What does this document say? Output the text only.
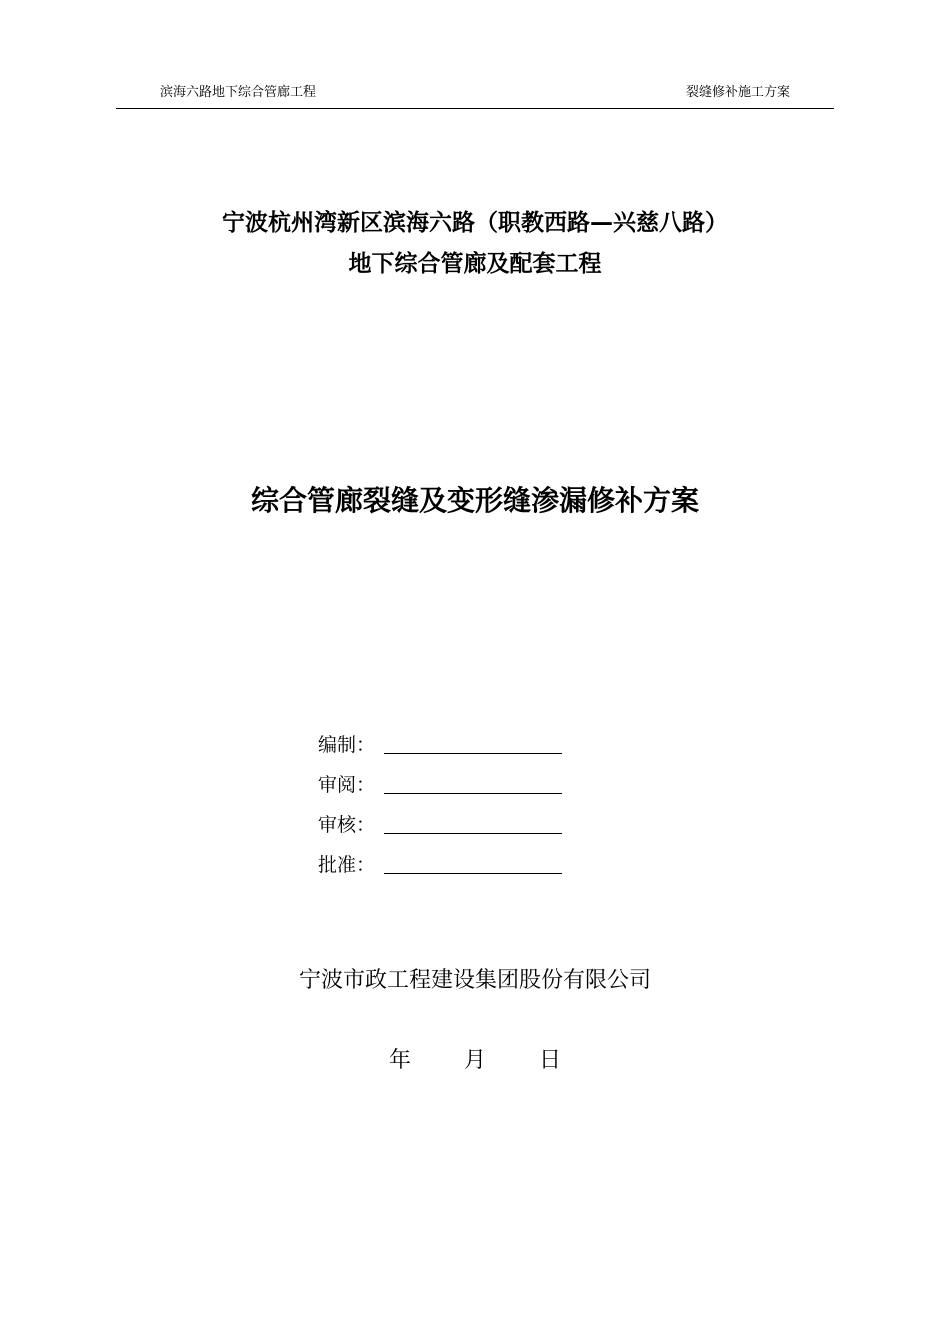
滨海六路地下综合管廊工程	裂缝修补施工方案
宁波杭州湾新区滨海六路（职教西路—兴慈八路）
地下综合管廊及配套工程
综合管廊裂缝及变形缝渗漏修补方案
编制：
审阅：
审核：
批准：
宁波市政工程建设集团股份有限公司
年 月 日
